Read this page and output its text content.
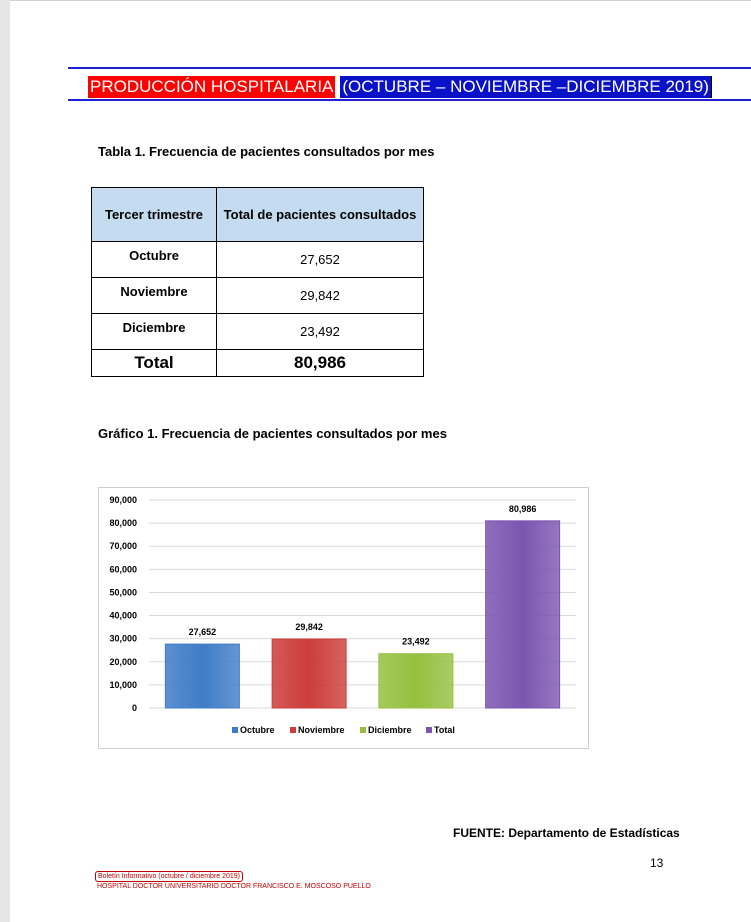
PRODUCCIÓN HOSPITALARIA (OCTUBRE – NOVIEMBRE –DICIEMBRE 2019)
Tabla 1. Frecuencia de pacientes consultados por mes
Tercer trimestre	Total de pacientes consultados
Octubre	27,652
Noviembre	29,842
Diciembre	23,492
Total	80,986
Gráfico 1. Frecuencia de pacientes consultados por mes
0
10,000
20,000
30,000
40,000
50,000
60,000
70,000
80,000
90,000
27,652
29,842
23,492
80,986
Octubre	Noviembre	Diciembre Total
FUENTE: Departamento de Estadísticas
13
Boletín Informativo (octubre / diciembre 2019)
HOSPITAL DOCTOR UNIVERSITARIO DOCTOR FRANCISCO E. MOSCOSO PUELLO
